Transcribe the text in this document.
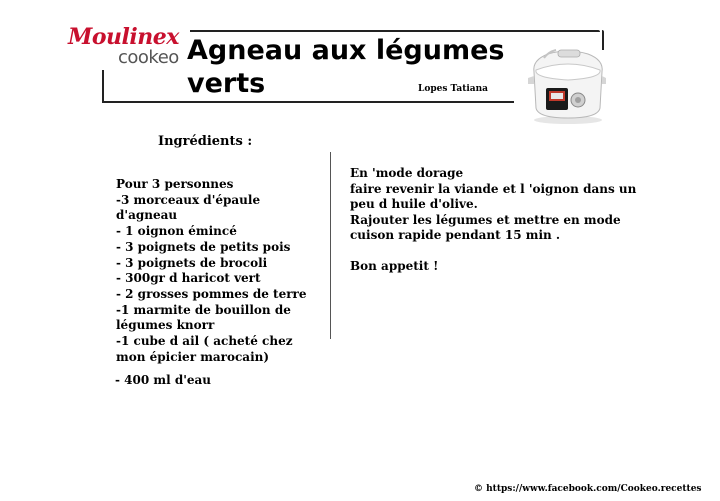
Moulinex
cookeo Agneau aux légumes verts	Lopes Tatiana
Ingrédients :
Pour 3 personnes
-3 morceaux d'épaule d'agneau
- 1 oignon émincé
- 3 poignets de petits pois
- 3 poignets de brocoli
- 300gr d haricot vert
- 2 grosses pommes de terre
-1 marmite de bouillon de légumes knorr
-1 cube d ail ( acheté chez mon épicier marocain)
- 400 ml d'eau

En 'mode dorage

faire revenir la viande et l 'oignon dans un peu d huile d'olive.

Rajouter les légumes et mettre en mode cuison rapide pendant 15 min .

Bon appetit !

© https://www.facebook.com/Cookeo.recettes
